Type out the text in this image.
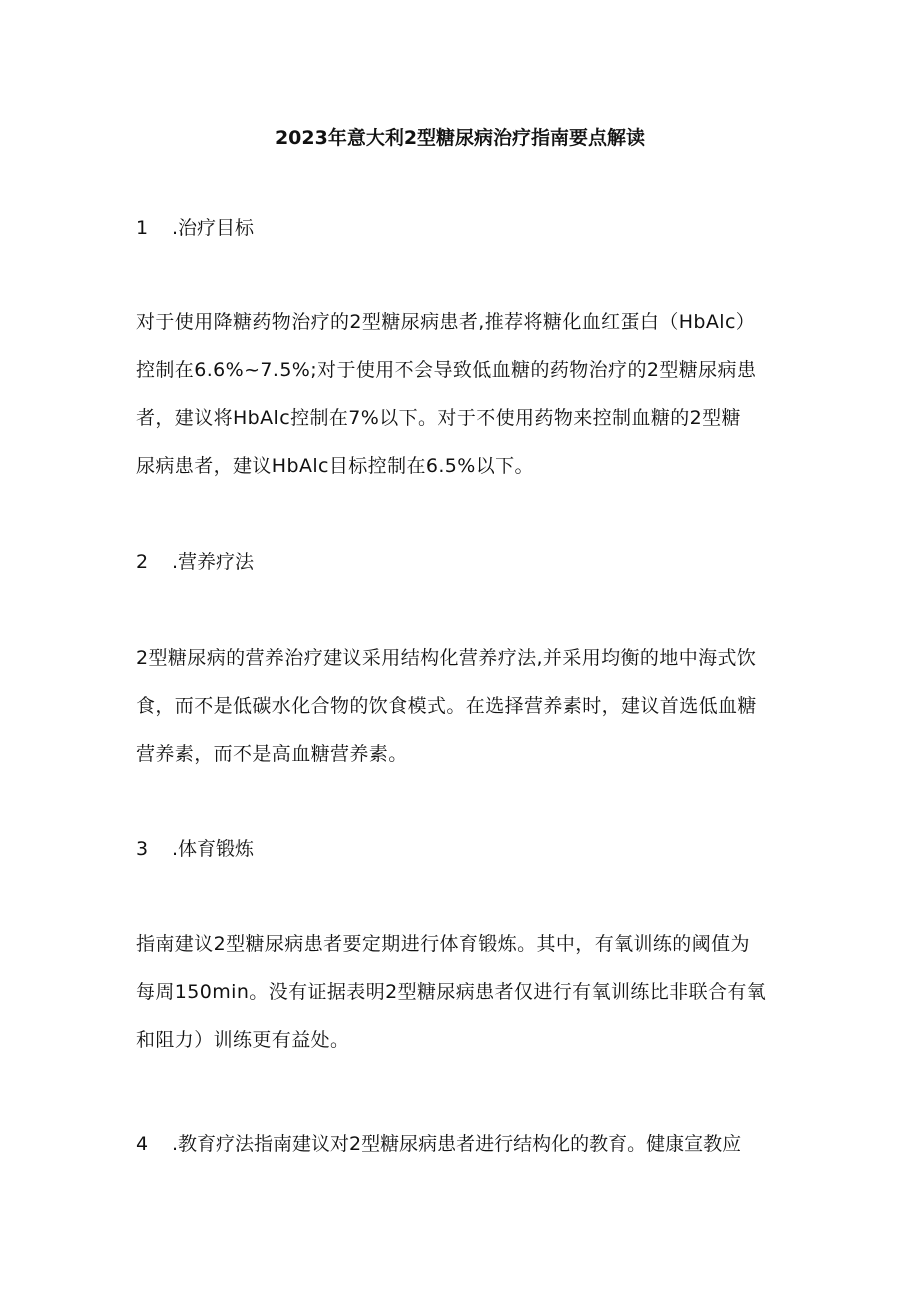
2023年意大利2型糖尿病治疗指南要点解读
1 .治疗目标
对于使用降糖药物治疗的2型糖尿病患者,推荐将糖化血红蛋白（HbAlc）
控制在6.6%~7.5%;对于使用不会导致低血糖的药物治疗的2型糖尿病患
者，建议将HbAlc控制在7%以下。对于不使用药物来控制血糖的2型糖
尿病患者，建议HbAlc目标控制在6.5%以下。
2 .营养疗法
2型糖尿病的营养治疗建议采用结构化营养疗法,并采用均衡的地中海式饮
食，而不是低碳水化合物的饮食模式。在选择营养素时，建议首选低血糖
营养素，而不是高血糖营养素。
3 .体育锻炼
指南建议2型糖尿病患者要定期进行体育锻炼。其中，有氧训练的阈值为
每周150min。没有证据表明2型糖尿病患者仅进行有氧训练比非联合有氧
和阻力）训练更有益处。
4 .教育疗法指南建议对2型糖尿病患者进行结构化的教育。健康宣教应
